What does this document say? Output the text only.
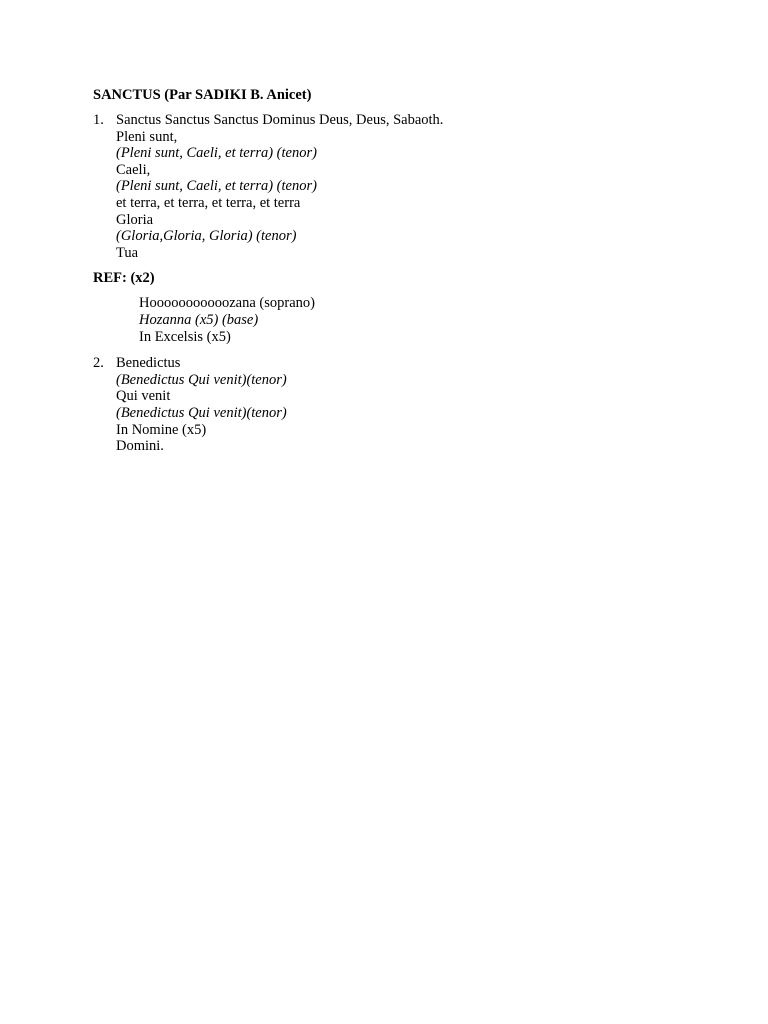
SANCTUS (Par SADIKI B. Anicet)
1. Sanctus Sanctus Sanctus Dominus Deus, Deus, Sabaoth.
Pleni sunt,
(Pleni sunt, Caeli, et terra) (tenor)
Caeli,
(Pleni sunt, Caeli, et terra) (tenor)
et terra, et terra, et terra, et terra
Gloria
(Gloria,Gloria, Gloria) (tenor)
Tua
REF: (x2)
Hooooooooooozana (soprano)
Hozanna (x5) (base)
In Excelsis (x5)
2. Benedictus
(Benedictus Qui venit)(tenor)
Qui venit
(Benedictus Qui venit)(tenor)
In Nomine (x5)
Domini.
